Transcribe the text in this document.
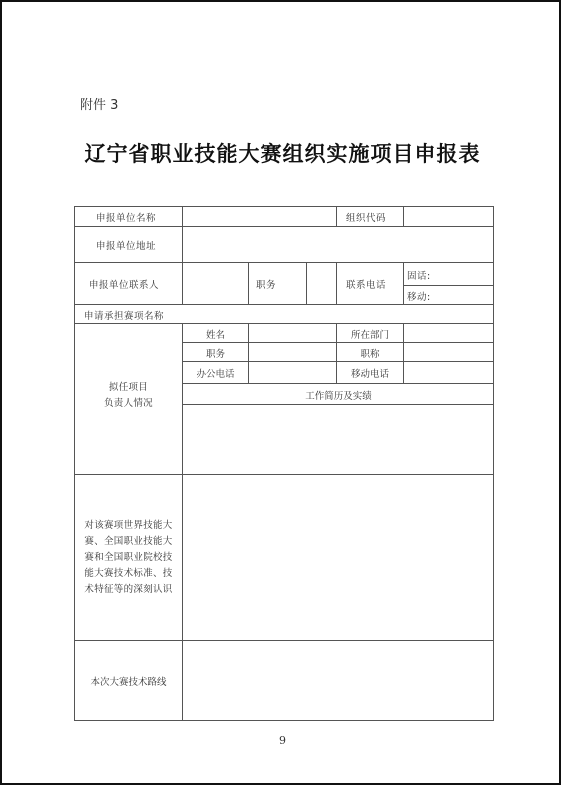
附件 3
辽宁省职业技能大赛组织实施项目申报表
申报单位名称	组织代码
申报单位地址
申报单位联系人	职务	联系电话
固话:
移动:
申请承担赛项名称
拟任项目
负责人情况
姓名	所在部门
职务	职称
办公电话	移动电话
工作简历及实绩
对该赛项世界技能大
赛、全国职业技能大
赛和全国职业院校技
能大赛技术标准、技
术特征等的深刻认识
本次大赛技术路线
9
